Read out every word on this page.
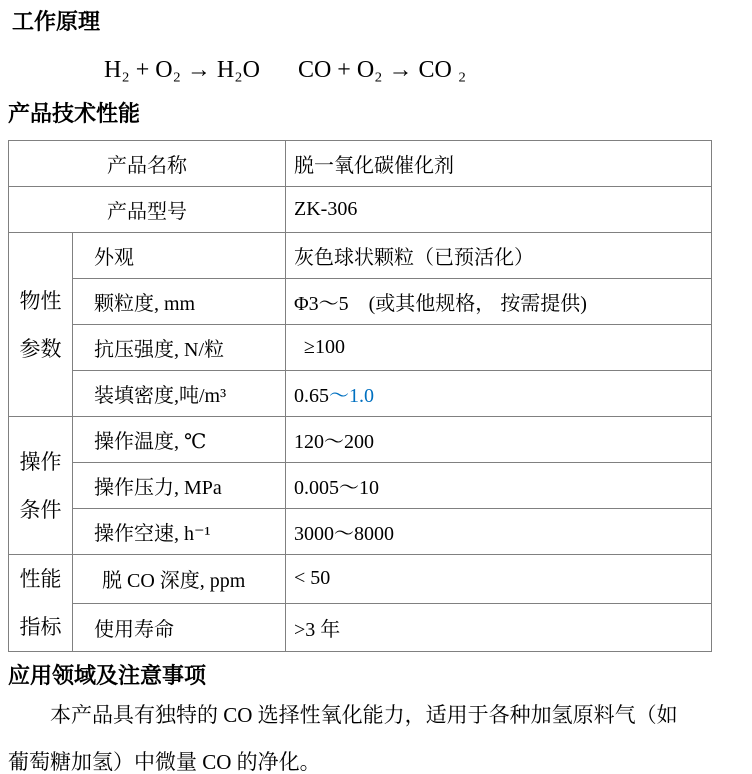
工作原理
H₂ + O₂ → H₂O CO + O₂ → CO ₂
产品技术性能
产品名称		脱一氧化碳催化剂
产品型号		ZK-306

物性
参数	外观	灰色球状颗粒（已预活化）
	颗粒度, mm	Φ3～5　(或其他规格， 按需提供)
	抗压强度, N/粒	≥100
	装填密度,吨/m³	0.65～1.0

操作
条件	操作温度, ℃	120～200
	操作压力, MPa	0.005～10
	操作空速, h⁻¹	3000～8000

性能
指标	脱 CO 深度, ppm	< 50
	使用寿命	>3 年
应用领域及注意事项
本产品具有独特的 CO 选择性氧化能力，适用于各种加氢原料气（如
葡萄糖加氢）中微量 CO 的净化。
